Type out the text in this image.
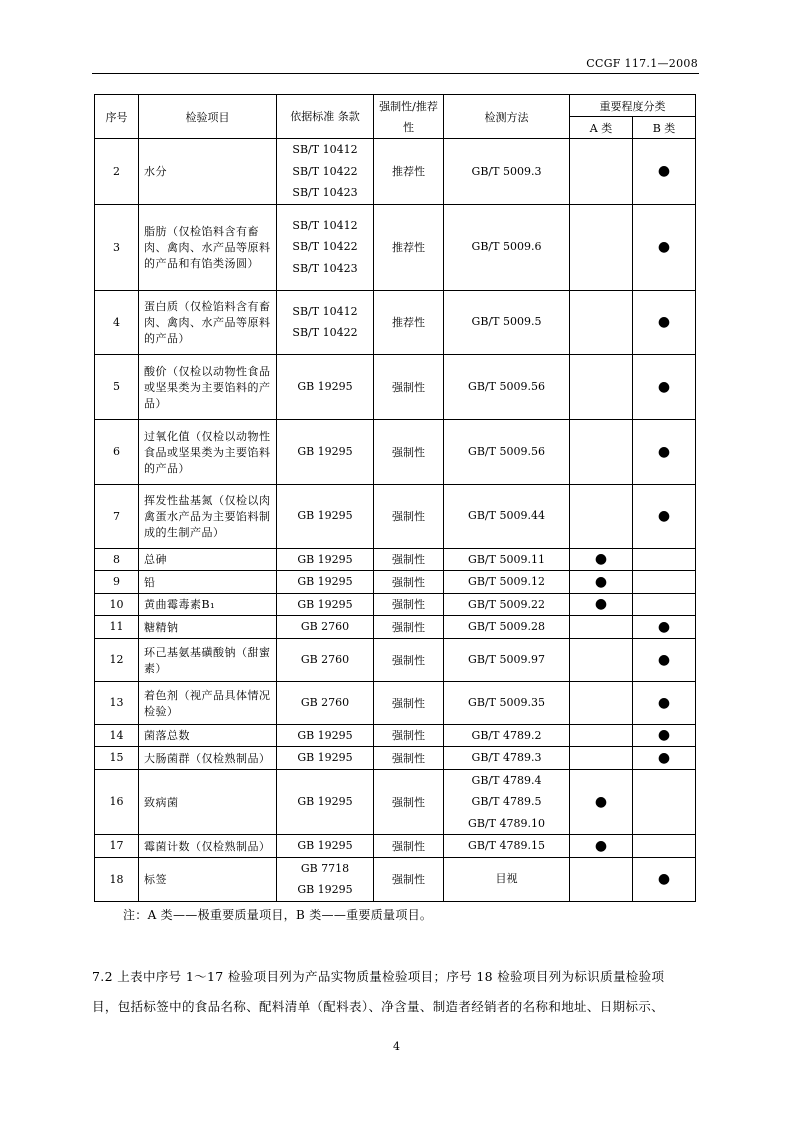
CCGF 117.1—2008
序号	检验项目	依据标准 条款	强制性/推荐性	检测方法	重要程度分类	
					A 类	B 类
2	水分	SB/T 10412
SB/T 10422
SB/T 10423	推荐性	GB/T 5009.3		●
3	脂肪（仅检馅料含有畜肉、禽肉、水产品等原料的产品和有馅类汤圆）	SB/T 10412
SB/T 10422
SB/T 10423	推荐性	GB/T 5009.6		●
4	蛋白质（仅检馅料含有畜肉、禽肉、水产品等原料的产品）	SB/T 10412
SB/T 10422	推荐性	GB/T 5009.5		●
5	酸价（仅检以动物性食品或坚果类为主要馅料的产品）	GB 19295	强制性	GB/T 5009.56		●
6	过氧化值（仅检以动物性食品或坚果类为主要馅料的产品）	GB 19295	强制性	GB/T 5009.56		●
7	挥发性盐基氮（仅检以肉禽蛋水产品为主要馅料制成的生制产品）	GB 19295	强制性	GB/T 5009.44		●
8	总砷	GB 19295	强制性	GB/T 5009.11	●	
9	铅	GB 19295	强制性	GB/T 5009.12	●	
10	黄曲霉毒素B₁	GB 19295	强制性	GB/T 5009.22	●	
11	糖精钠	GB 2760	强制性	GB/T 5009.28		●
12	环己基氨基磺酸钠（甜蜜素）	GB 2760	强制性	GB/T 5009.97		●
13	着色剂（视产品具体情况检验）	GB 2760	强制性	GB/T 5009.35		●
14	菌落总数	GB 19295	强制性	GB/T 4789.2		●
15	大肠菌群（仅检熟制品）	GB 19295	强制性	GB/T 4789.3		●
16	致病菌	GB 19295	强制性	GB/T 4789.4
GB/T 4789.5
GB/T 4789.10	●	
17	霉菌计数（仅检熟制品）	GB 19295	强制性	GB/T 4789.15	●	
18	标签	GB 7718
GB 19295	强制性	目视		●
注：A 类——极重要质量项目，B 类——重要质量项目。

7.2 上表中序号 1～17 检验项目列为产品实物质量检验项目；序号 18 检验项目列为标识质量检验项

目，包括标签中的食品名称、配料清单（配料表）、净含量、制造者经销者的名称和地址、日期标示、

4
